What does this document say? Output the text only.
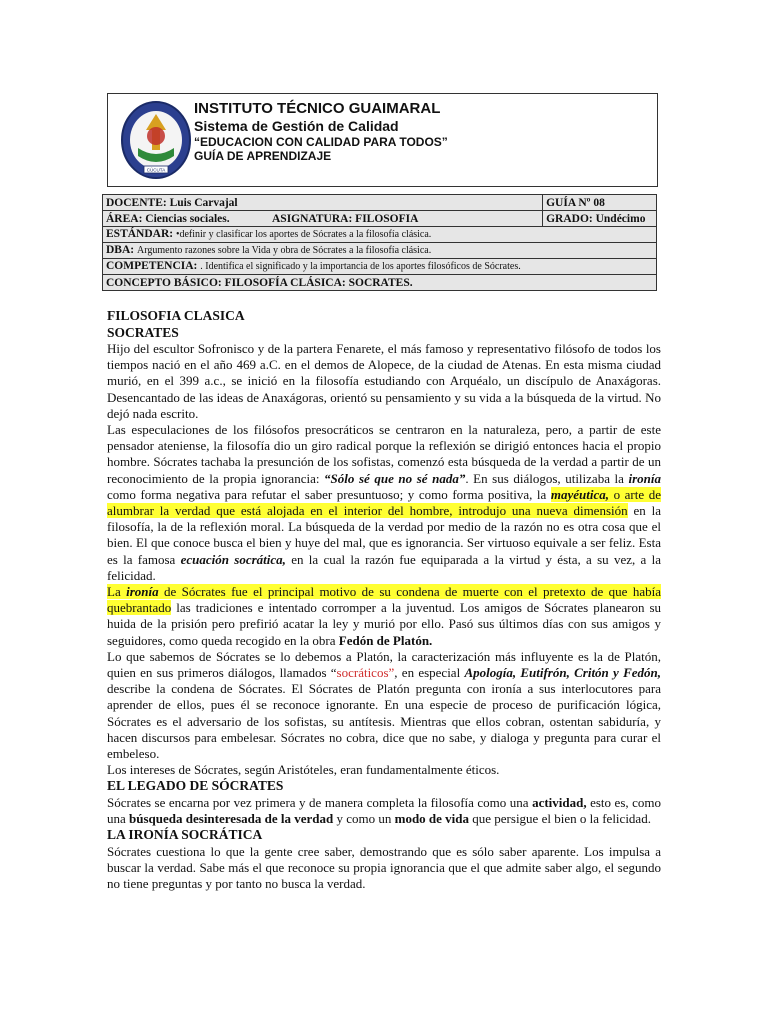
CÚCUTA
INSTITUTO TÉCNICO GUAIMARAL
Sistema de Gestión de Calidad
“EDUCACION CON CALIDAD PARA TODOS”
GUÍA DE APRENDIZAJE
DOCENTE: Luis Carvajal		GUÍA Nº 08
ÁREA: Ciencias sociales.	ASIGNATURA: FILOSOFIA	GRADO: Undécimo
ESTÁNDAR: •definir y clasificar los aportes de Sócrates a la filosofía clásica.		
DBA: Argumento razones sobre la Vida y obra de Sócrates a la filosofía clásica.		
COMPETENCIA: . Identifica el significado y la importancia de los aportes filosóficos de Sócrates.		
CONCEPTO BÁSICO: FILOSOFÍA CLÁSICA: SOCRATES.		

FILOSOFIA CLASICA

SOCRATES

Hijo del escultor Sofronisco y de la partera Fenarete, el más famoso y representativo filósofo de todos los tiempos nació en el año 469 a.C. en el demos de Alopece, de la ciudad de Atenas. En esta misma ciudad murió, en el 399 a.c., se inició en la filosofía estudiando con Arquéalo, un discípulo de Anaxágoras. Desencantado de las ideas de Anaxágoras, orientó su pensamiento y su vida a la búsqueda de la virtud. No dejó nada escrito.

Las especulaciones de los filósofos presocráticos se centraron en la naturaleza, pero, a partir de este pensador ateniense, la filosofía dio un giro radical porque la reflexión se dirigió entonces hacia el propio hombre. Sócrates tachaba la presunción de los sofistas, comenzó esta búsqueda de la verdad a partir de un reconocimiento de la propia ignorancia: “Sólo sé que no sé nada”. En sus diálogos, utilizaba la ironía como forma negativa para refutar el saber presuntuoso; y como forma positiva, la mayéutica, o arte de alumbrar la verdad que está alojada en el interior del hombre, introdujo una nueva dimensión en la filosofía, la de la reflexión moral. La búsqueda de la verdad por medio de la razón no es otra cosa que el bien. El que conoce busca el bien y huye del mal, que es ignorancia. Ser virtuoso equivale a ser feliz. Esta es la famosa ecuación socrática, en la cual la razón fue equiparada a la virtud y ésta, a su vez, a la felicidad.

La ironía de Sócrates fue el principal motivo de su condena de muerte con el pretexto de que había quebrantado las tradiciones e intentado corromper a la juventud. Los amigos de Sócrates planearon su huida de la prisión pero prefirió acatar la ley y murió por ello. Pasó sus últimos días con sus amigos y seguidores, como queda recogido en la obra Fedón de Platón.

Lo que sabemos de Sócrates se lo debemos a Platón, la caracterización más influyente es la de Platón, quien en sus primeros diálogos, llamados “socráticos”, en especial Apología, Eutifrón, Critón y Fedón, describe la condena de Sócrates. El Sócrates de Platón pregunta con ironía a sus interlocutores para aprender de ellos, pues él se reconoce ignorante. En una especie de proceso de purificación lógica, Sócrates es el adversario de los sofistas, su antítesis. Mientras que ellos cobran, ostentan sabiduría, y hacen discursos para embelesar. Sócrates no cobra, dice que no sabe, y dialoga y pregunta para curar el embeleso.

Los intereses de Sócrates, según Aristóteles, eran fundamentalmente éticos.

EL LEGADO DE SÓCRATES

Sócrates se encarna por vez primera y de manera completa la filosofía como una actividad, esto es, como una búsqueda desinteresada de la verdad y como un modo de vida que persigue el bien o la felicidad.

LA IRONÍA SOCRÁTICA

Sócrates cuestiona lo que la gente cree saber, demostrando que es sólo saber aparente. Los impulsa a buscar la verdad. Sabe más el que reconoce su propia ignorancia que el que admite saber algo, el segundo no tiene preguntas y por tanto no busca la verdad.
